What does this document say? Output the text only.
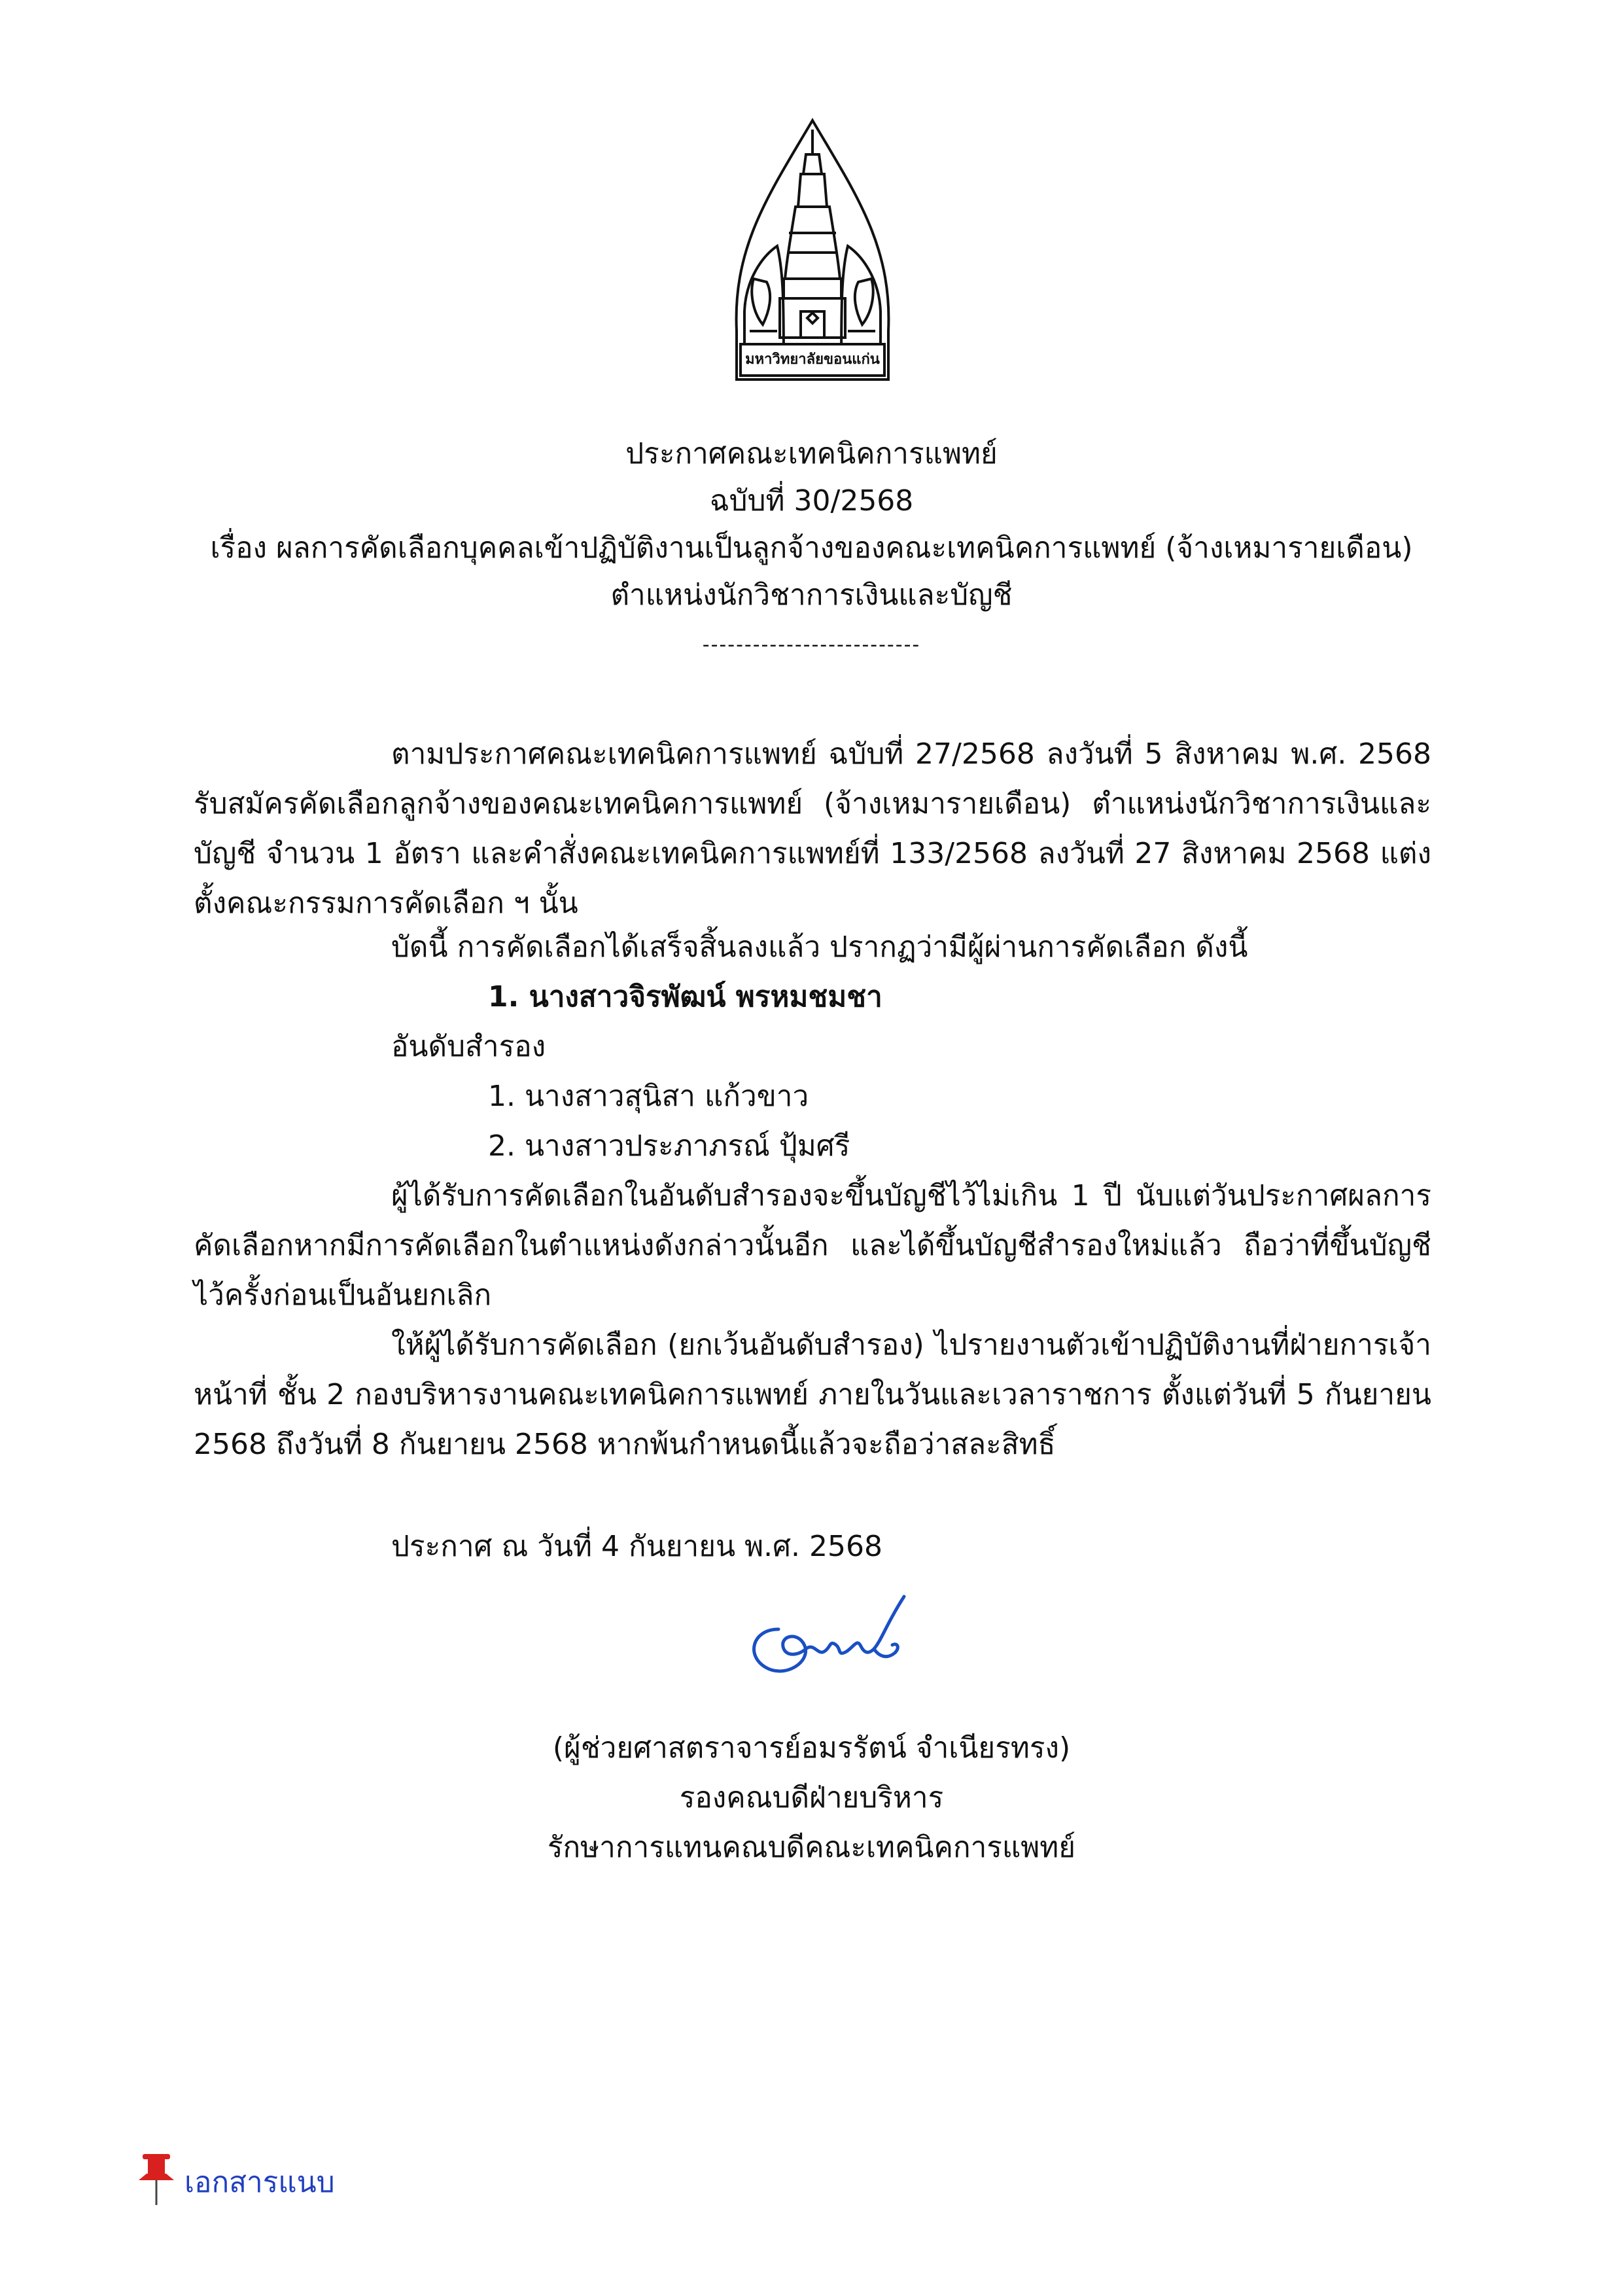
มหาวิทยาลัยขอนแก่น
ประกาศคณะเทคนิคการแพทย์
ฉบับที่ 30/2568
เรื่อง ผลการคัดเลือกบุคคลเข้าปฏิบัติงานเป็นลูกจ้างของคณะเทคนิคการแพทย์ (จ้างเหมารายเดือน)
ตำแหน่งนักวิชาการเงินและบัญชี
--------------------------
ตามประกาศคณะเทคนิคการแพทย์ ฉบับที่ 27/2568 ลงวันที่ 5 สิงหาคม พ.ศ. 2568 รับสมัครคัดเลือกลูกจ้างของคณะเทคนิคการแพทย์ (จ้างเหมารายเดือน) ตำแหน่งนักวิชาการเงินและบัญชี จำนวน 1 อัตรา และคำสั่งคณะเทคนิคการแพทย์ที่ 133/2568 ลงวันที่ 27 สิงหาคม 2568 แต่งตั้งคณะกรรมการคัดเลือก ฯ นั้น
บัดนี้ การคัดเลือกได้เสร็จสิ้นลงแล้ว ปรากฏว่ามีผู้ผ่านการคัดเลือก ดังนี้
1. นางสาวจิรพัฒน์ พรหมชมชา
อันดับสำรอง
1. นางสาวสุนิสา แก้วขาว
2. นางสาวประภาภรณ์ ปุ้มศรี
ผู้ได้รับการคัดเลือกในอันดับสำรองจะขึ้นบัญชีไว้ไม่เกิน 1 ปี นับแต่วันประกาศผลการคัดเลือกหากมีการคัดเลือกในตำแหน่งดังกล่าวนั้นอีก และได้ขึ้นบัญชีสำรองใหม่แล้ว ถือว่าที่ขึ้นบัญชีไว้ครั้งก่อนเป็นอันยกเลิก
ให้ผู้ได้รับการคัดเลือก (ยกเว้นอันดับสำรอง) ไปรายงานตัวเข้าปฏิบัติงานที่ฝ่ายการเจ้าหน้าที่ ชั้น 2 กองบริหารงานคณะเทคนิคการแพทย์ ภายในวันและเวลาราชการ ตั้งแต่วันที่ 5 กันยายน 2568 ถึงวันที่ 8 กันยายน 2568 หากพ้นกำหนดนี้แล้วจะถือว่าสละสิทธิ์
ประกาศ ณ วันที่ 4 กันยายน พ.ศ. 2568
(ผู้ช่วยศาสตราจารย์อมรรัตน์ จำเนียรทรง)
รองคณบดีฝ่ายบริหาร
รักษาการแทนคณบดีคณะเทคนิคการแพทย์
เอกสารแนบ
